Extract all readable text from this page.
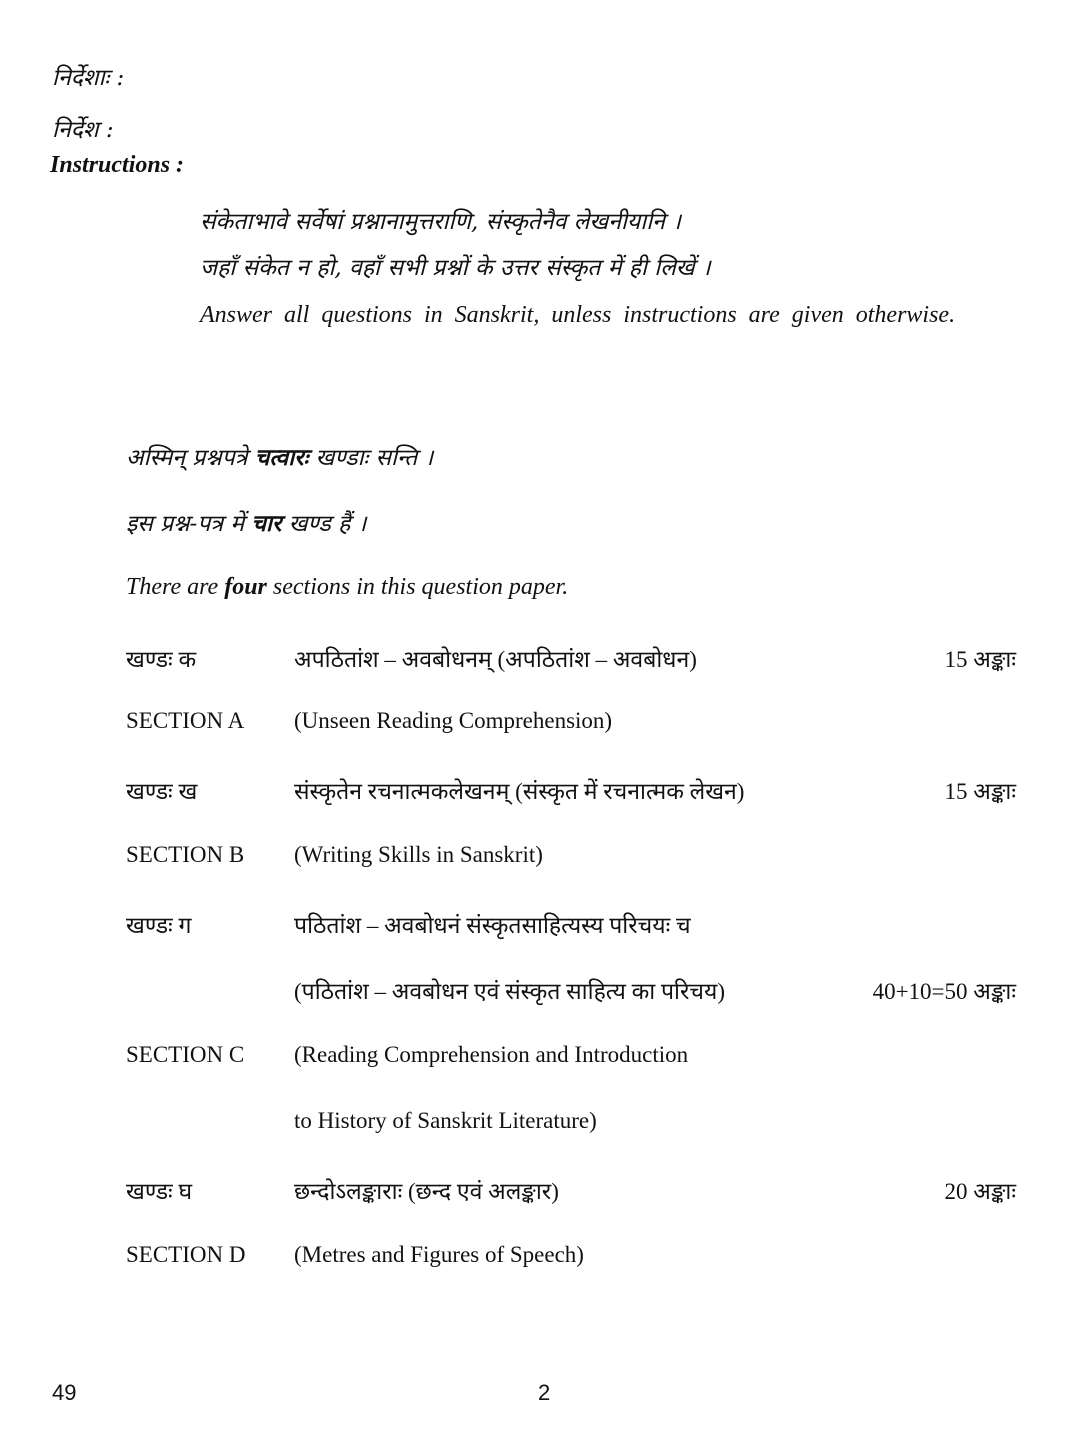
निर्देशाः :
निर्देश :
Instructions :
संकेताभावे सर्वेषां प्रश्नानामुत्तराणि, संस्कृतेनैव लेखनीयानि ।
जहाँ संकेत न हो, वहाँ सभी प्रश्नों के उत्तर संस्कृत में ही लिखें ।
Answer all questions in Sanskrit, unless instructions are given otherwise.
अस्मिन् प्रश्नपत्रे चत्वारः खण्डाः सन्ति ।
इस प्रश्न-पत्र में चार खण्ड हैं ।
There are four sections in this question paper.
खण्डः क	अपठितांश – अवबोधनम् (अपठितांश – अवबोधन)	15 अङ्काः
SECTION A (Unseen Reading Comprehension)
खण्डः ख	संस्कृतेन रचनात्मकलेखनम् (संस्कृत में रचनात्मक लेखन)	15 अङ्काः
SECTION B (Writing Skills in Sanskrit)
खण्डः ग	पठितांश – अवबोधनं संस्कृतसाहित्यस्य परिचयः च
(पठितांश – अवबोधन एवं संस्कृत साहित्य का परिचय)	40+10=50 अङ्काः
SECTION C (Reading Comprehension and Introduction
to History of Sanskrit Literature)
खण्डः घ	छन्दोऽलङ्काराः (छन्द एवं अलङ्कार)	20 अङ्काः
SECTION D (Metres and Figures of Speech)
49	2
